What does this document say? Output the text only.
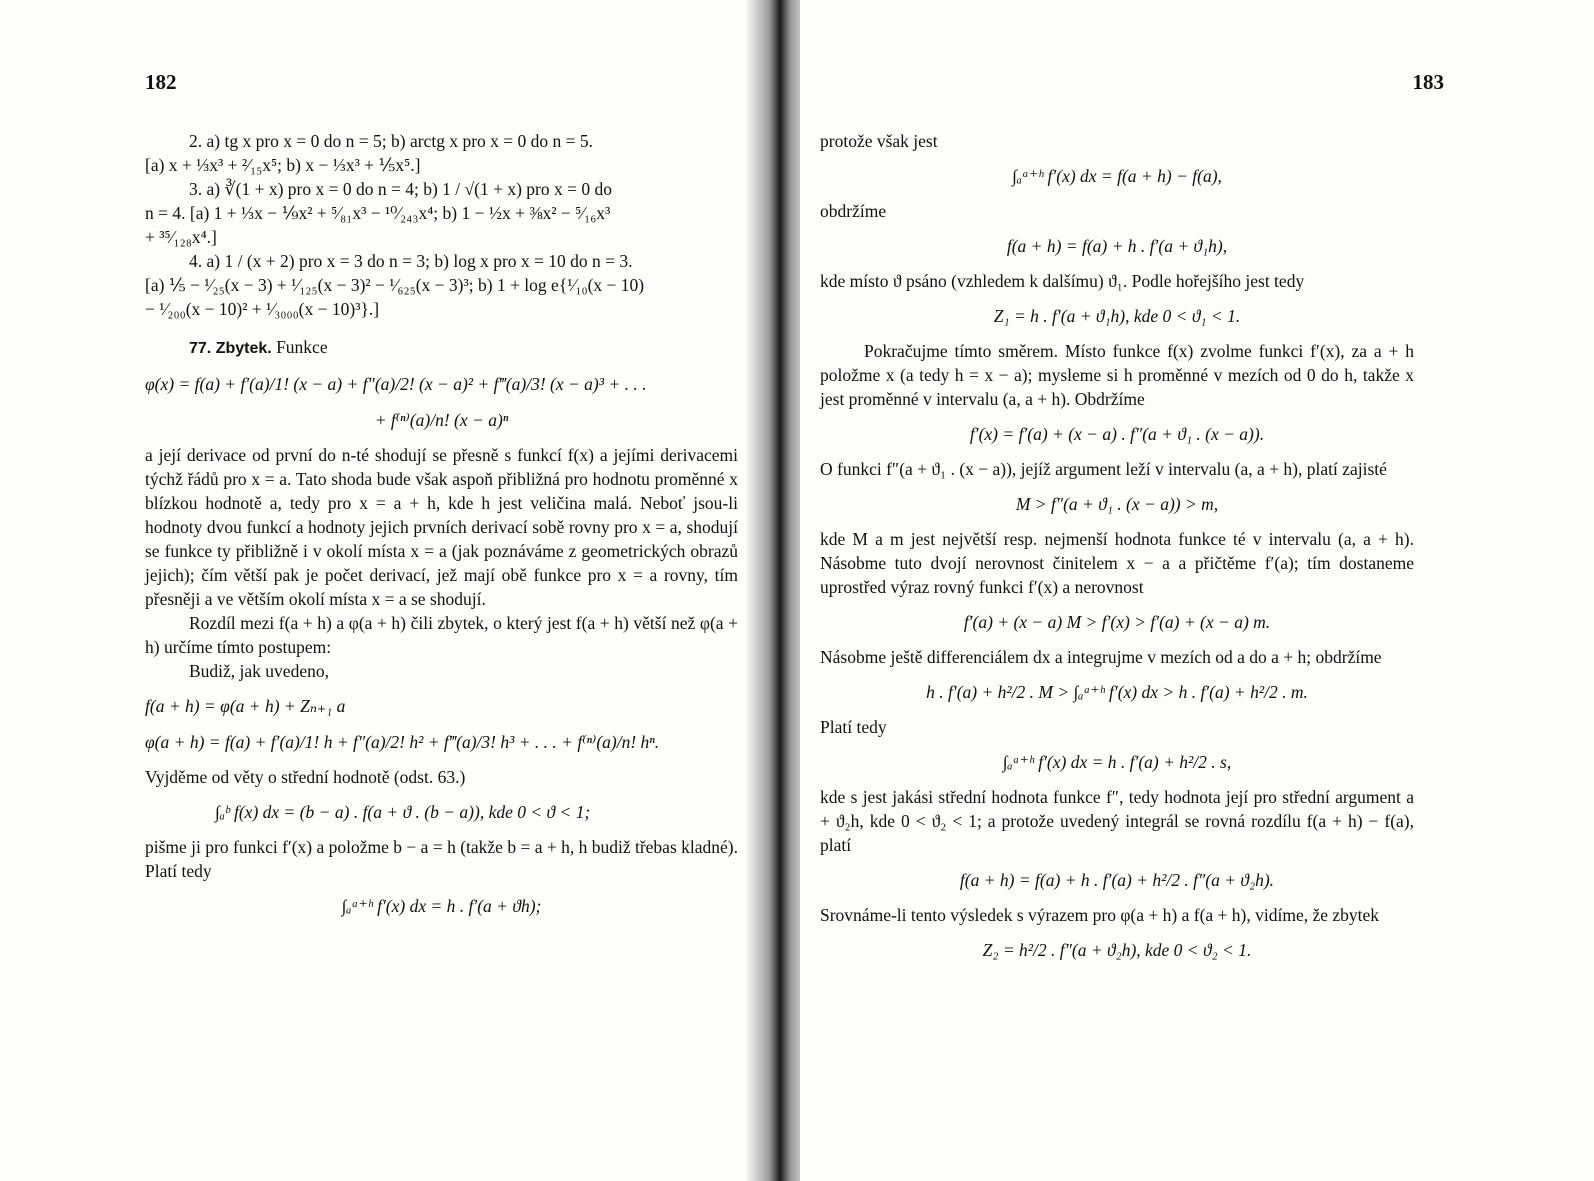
182

2. a) tg x pro x = 0 do n = 5; b) arctg x pro x = 0 do n = 5.

[a) x + ⅓x³ + ²⁄₁₅x⁵; b) x − ⅓x³ + ⅕x⁵.]

3. a) ∛(1 + x) pro x = 0 do n = 4; b) 1 / √(1 + x) pro x = 0 do

n = 4. [a) 1 + ⅓x − ⅑x² + ⁵⁄₈₁x³ − ¹⁰⁄₂₄₃x⁴; b) 1 − ½x + ⅜x² − ⁵⁄₁₆x³

+ ³⁵⁄₁₂₈x⁴.]

4. a) 1 / (x + 2) pro x = 3 do n = 3; b) log x pro x = 10 do n = 3.

[a) ⅕ − ¹⁄₂₅(x − 3) + ¹⁄₁₂₅(x − 3)² − ¹⁄₆₂₅(x − 3)³; b) 1 + log e{¹⁄₁₀(x − 10)

− ¹⁄₂₀₀(x − 10)² + ¹⁄₃₀₀₀(x − 10)³}.]

77. Zbytek. Funkce

φ(x) = f(a) + f′(a)/1! (x − a) + f″(a)/2! (x − a)² + f‴(a)/3! (x − a)³ + . . .
+ f⁽ⁿ⁾(a)/n! (x − a)ⁿ

a její derivace od první do n-té shodují se přesně s funkcí f(x) a jejími derivacemi týchž řádů pro x = a. Tato shoda bude však aspoň přibližná pro hodnotu proměnné x blízkou hodnotě a, tedy pro x = a + h, kde h jest veličina malá. Neboť jsou-li hodnoty dvou funkcí a hodnoty jejich prvních derivací sobě rovny pro x = a, shodují se funkce ty přibližně i v okolí místa x = a (jak poznáváme z geometrických obrazů jejich); čím větší pak je počet derivací, jež mají obě funkce pro x = a rovny, tím přesněji a ve větším okolí místa x = a se shodují.

Rozdíl mezi f(a + h) a φ(a + h) čili zbytek, o který jest f(a + h) větší než φ(a + h) určíme tímto postupem:

Budiž, jak uvedeno,

f(a + h) = φ(a + h) + Zₙ₊₁ a
φ(a + h) = f(a) + f′(a)/1! h + f″(a)/2! h² + f‴(a)/3! h³ + . . . + f⁽ⁿ⁾(a)/n! hⁿ.

Vyjděme od věty o střední hodnotě (odst. 63.)

∫ₐᵇ f(x) dx = (b − a) . f(a + ϑ . (b − a)), kde 0 < ϑ < 1;

pišme ji pro funkci f′(x) a položme b − a = h (takže b = a + h, h budiž třebas kladné). Platí tedy

∫ₐᵃ⁺ʰ f′(x) dx = h . f′(a + ϑh);
183

protože však jest

∫ₐᵃ⁺ʰ f′(x) dx = f(a + h) − f(a),

obdržíme

f(a + h) = f(a) + h . f′(a + ϑ₁h),

kde místo ϑ psáno (vzhledem k dalšímu) ϑ₁. Podle hořejšího jest tedy

Z₁ = h . f′(a + ϑ₁h), kde 0 < ϑ₁ < 1.

Pokračujme tímto směrem. Místo funkce f(x) zvolme funkci f′(x), za a + h položme x (a tedy h = x − a); mysleme si h proměnné v mezích od 0 do h, takže x jest proměnné v intervalu (a, a + h). Obdržíme

f′(x) = f′(a) + (x − a) . f″(a + ϑ₁ . (x − a)).

O funkci f″(a + ϑ₁ . (x − a)), jejíž argument leží v intervalu (a, a + h), platí zajisté

M > f″(a + ϑ₁ . (x − a)) > m,

kde M a m jest největší resp. nejmenší hodnota funkce té v intervalu (a, a + h). Násobme tuto dvojí nerovnost činitelem x − a a přičtěme f′(a); tím dostaneme uprostřed výraz rovný funkci f′(x) a nerovnost

f′(a) + (x − a) M > f′(x) > f′(a) + (x − a) m.

Násobme ještě differenciálem dx a integrujme v mezích od a do a + h; obdržíme

h . f′(a) + h²/2 . M > ∫ₐᵃ⁺ʰ f′(x) dx > h . f′(a) + h²/2 . m.

Platí tedy

∫ₐᵃ⁺ʰ f′(x) dx = h . f′(a) + h²/2 . s,

kde s jest jakási střední hodnota funkce f″, tedy hodnota její pro střední argument a + ϑ₂h, kde 0 < ϑ₂ < 1; a protože uvedený integrál se rovná rozdílu f(a + h) − f(a), platí

f(a + h) = f(a) + h . f′(a) + h²/2 . f″(a + ϑ₂h).

Srovnáme-li tento výsledek s výrazem pro φ(a + h) a f(a + h), vidíme, že zbytek

Z₂ = h²/2 . f″(a + ϑ₂h), kde 0 < ϑ₂ < 1.
